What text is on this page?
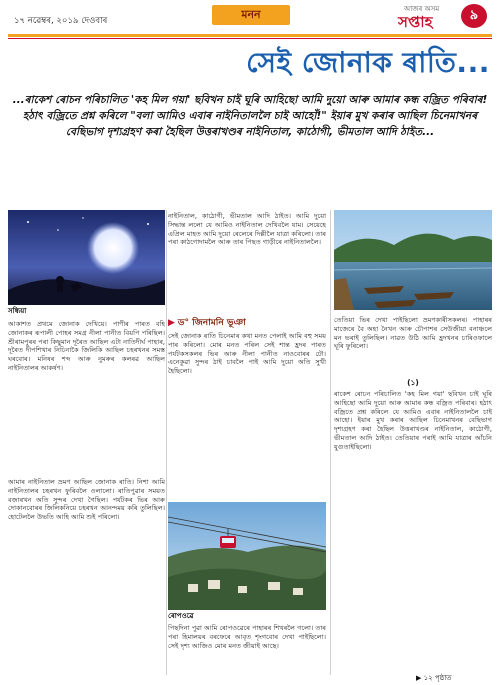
১৭ নৱেম্বৰ, ২০১৯ দেওবাৰ
মনন	আজৰ অসম
সপ্তাহ	৯
সেই জোনাক ৰাতি...
...ৰাকেশ ৰোচন পৰিচালিত 'কহ মিল গয়া' ছবিখন চাই ঘূৰি আহিছো আমি দুয়ো আৰু আমাৰ কন্ধ বজ্ৰিত পৰিবাৰ! হঠাৎ বজ্ৰিতে প্ৰশ্ন কৰিলে "বলা আমিও এবাৰ নাইনিতাললৈ চাই আহোঁ!" ইয়াৰ মুখ কৰাৰ আছিল চিনেমাখনৰ বেছিভাগ দৃশ্যগ্ৰহণ কৰা হৈছিল উত্তৰাখণ্ডৰ নাইনিতাল, কাঠোগী, ভীমতাল আদি ঠাইত...
সন্ধিয়া
▶ ড° জিনামনি ভূঞা
ৰোপওৱে
আকাশত প্ৰথমে জোনাক দেখিয়ে। পাণীৰ পাৰত বহি জোনাকৰ ৰূপালী পোহৰ সমগ্ৰ নীলা পানীত বিয়পি পৰিছিল। শ্ৰীৰামপুৰৰ পৰা কিছুমান দূৰৈত আছিল এটা নাতিদীৰ্ঘ পাহাৰ, দূৰৈত দীপশিখাৰ নিচিনাকৈ জিলিকি আছিল চহৰখনৰ সমস্ত ঘৰবোৰ। মনিষৰ শব্দ আৰু নুমৰুৰ কলৰৱ আছিল নাইনিতালৰ আকৰ্ষণ।
আমাৰ নাইনিতাল ভ্ৰমণ আছিল জোনাক ৰাতি। নিশা আমি নাইনিতালৰ চহৰখন ফুৰিবলৈ ওলালো। ৰাতিপুৱাৰ সময়ত বজাৰখন অতি সুন্দৰ দেখা গৈছিল। পৰ্যটকৰ ভিৰ আৰু দোকানবোৰৰ জিলিকনিয়ে চহৰখন আনন্দময় কৰি তুলিছিল। হোটেললৈ উভতি আহি আমি শুই পৰিলো।
নাইনিতাল, কাঠোগী, ভীমতাল আদি ঠাইত। আমি দুয়ো সিদ্ধান্ত ললো যে আমিও নাইনিতাল দেখিবলৈ যাম। সেয়েহে এপ্ৰিল মাহত আমি দুয়ো ৰেলেৰে দিল্লীলৈ যাত্ৰা কৰিলো। তাৰ পৰা কাঠগোদামলৈ আৰু তাৰ পিছত গাড়ীৰে নাইনিতাললৈ।
সেই জোনাক ৰাতি চিনেমাৰ কথা মনত পেলাই আমি বহু সময় পাৰ কৰিলো। মোৰ মনত পৰিল সেই শান্ত হ্ৰদৰ পাৰত পৰ্যটকসকলৰ ভিৰ আৰু নীলা পানীত নাওবোৰৰ ঢৌ। এনেকুৱা সুন্দৰ ঠাই চাবলৈ পাই আমি দুয়ো অতি সুখী হৈছিলো।
পিছদিনা পুৱা আমি ৰোপওৱেৰে পাহাৰৰ শিখৰলৈ গলো। তাৰ পৰা হিমালয়ৰ বৰফেৰে আবৃত শৃংগবোৰ দেখা পাইছিলো। সেই দৃশ্য আজিও মোৰ মনত জীয়াই আছে।
তেতিয়া ভিৰ দেখা পাইছিলো ভ্ৰমণকাৰীসকলৰ। পাহাৰৰ মাজেৰে বৈ অহা নৈখন আৰু চৌপাশৰ সেউজীয়া বনাঞ্চলে মন ভৰাই তুলিছিল। নাৱত উঠি আমি হ্ৰদখনৰ চাৰিওফালে ঘূৰি ফুৰিলো।
(১)
ৰাকেশ ৰোচন পৰিচালিত 'কহ মিল গয়া' ছবিখন চাই ঘূৰি আহিছো আমি দুয়ো আৰু আমাৰ কন্ধ বজ্ৰিত পৰিবাৰ। হঠাৎ বজ্ৰিতে প্ৰশ্ন কৰিলে যে আমিও এবাৰ নাইনিতাললৈ চাই আহো। ইয়াৰ মুখ কৰাৰ আছিল চিনেমাখনৰ বেছিভাগ দৃশ্যগ্ৰহণ কৰা হৈছিল উত্তৰাখণ্ডৰ নাইনিতাল, কাঠোগী, ভীমতাল আদি ঠাইত। তেতিয়াৰ পৰাই আমি যাত্ৰাৰ আঁচনি যুগুতাইছিলো।
▶ ১২ পৃষ্ঠাত
